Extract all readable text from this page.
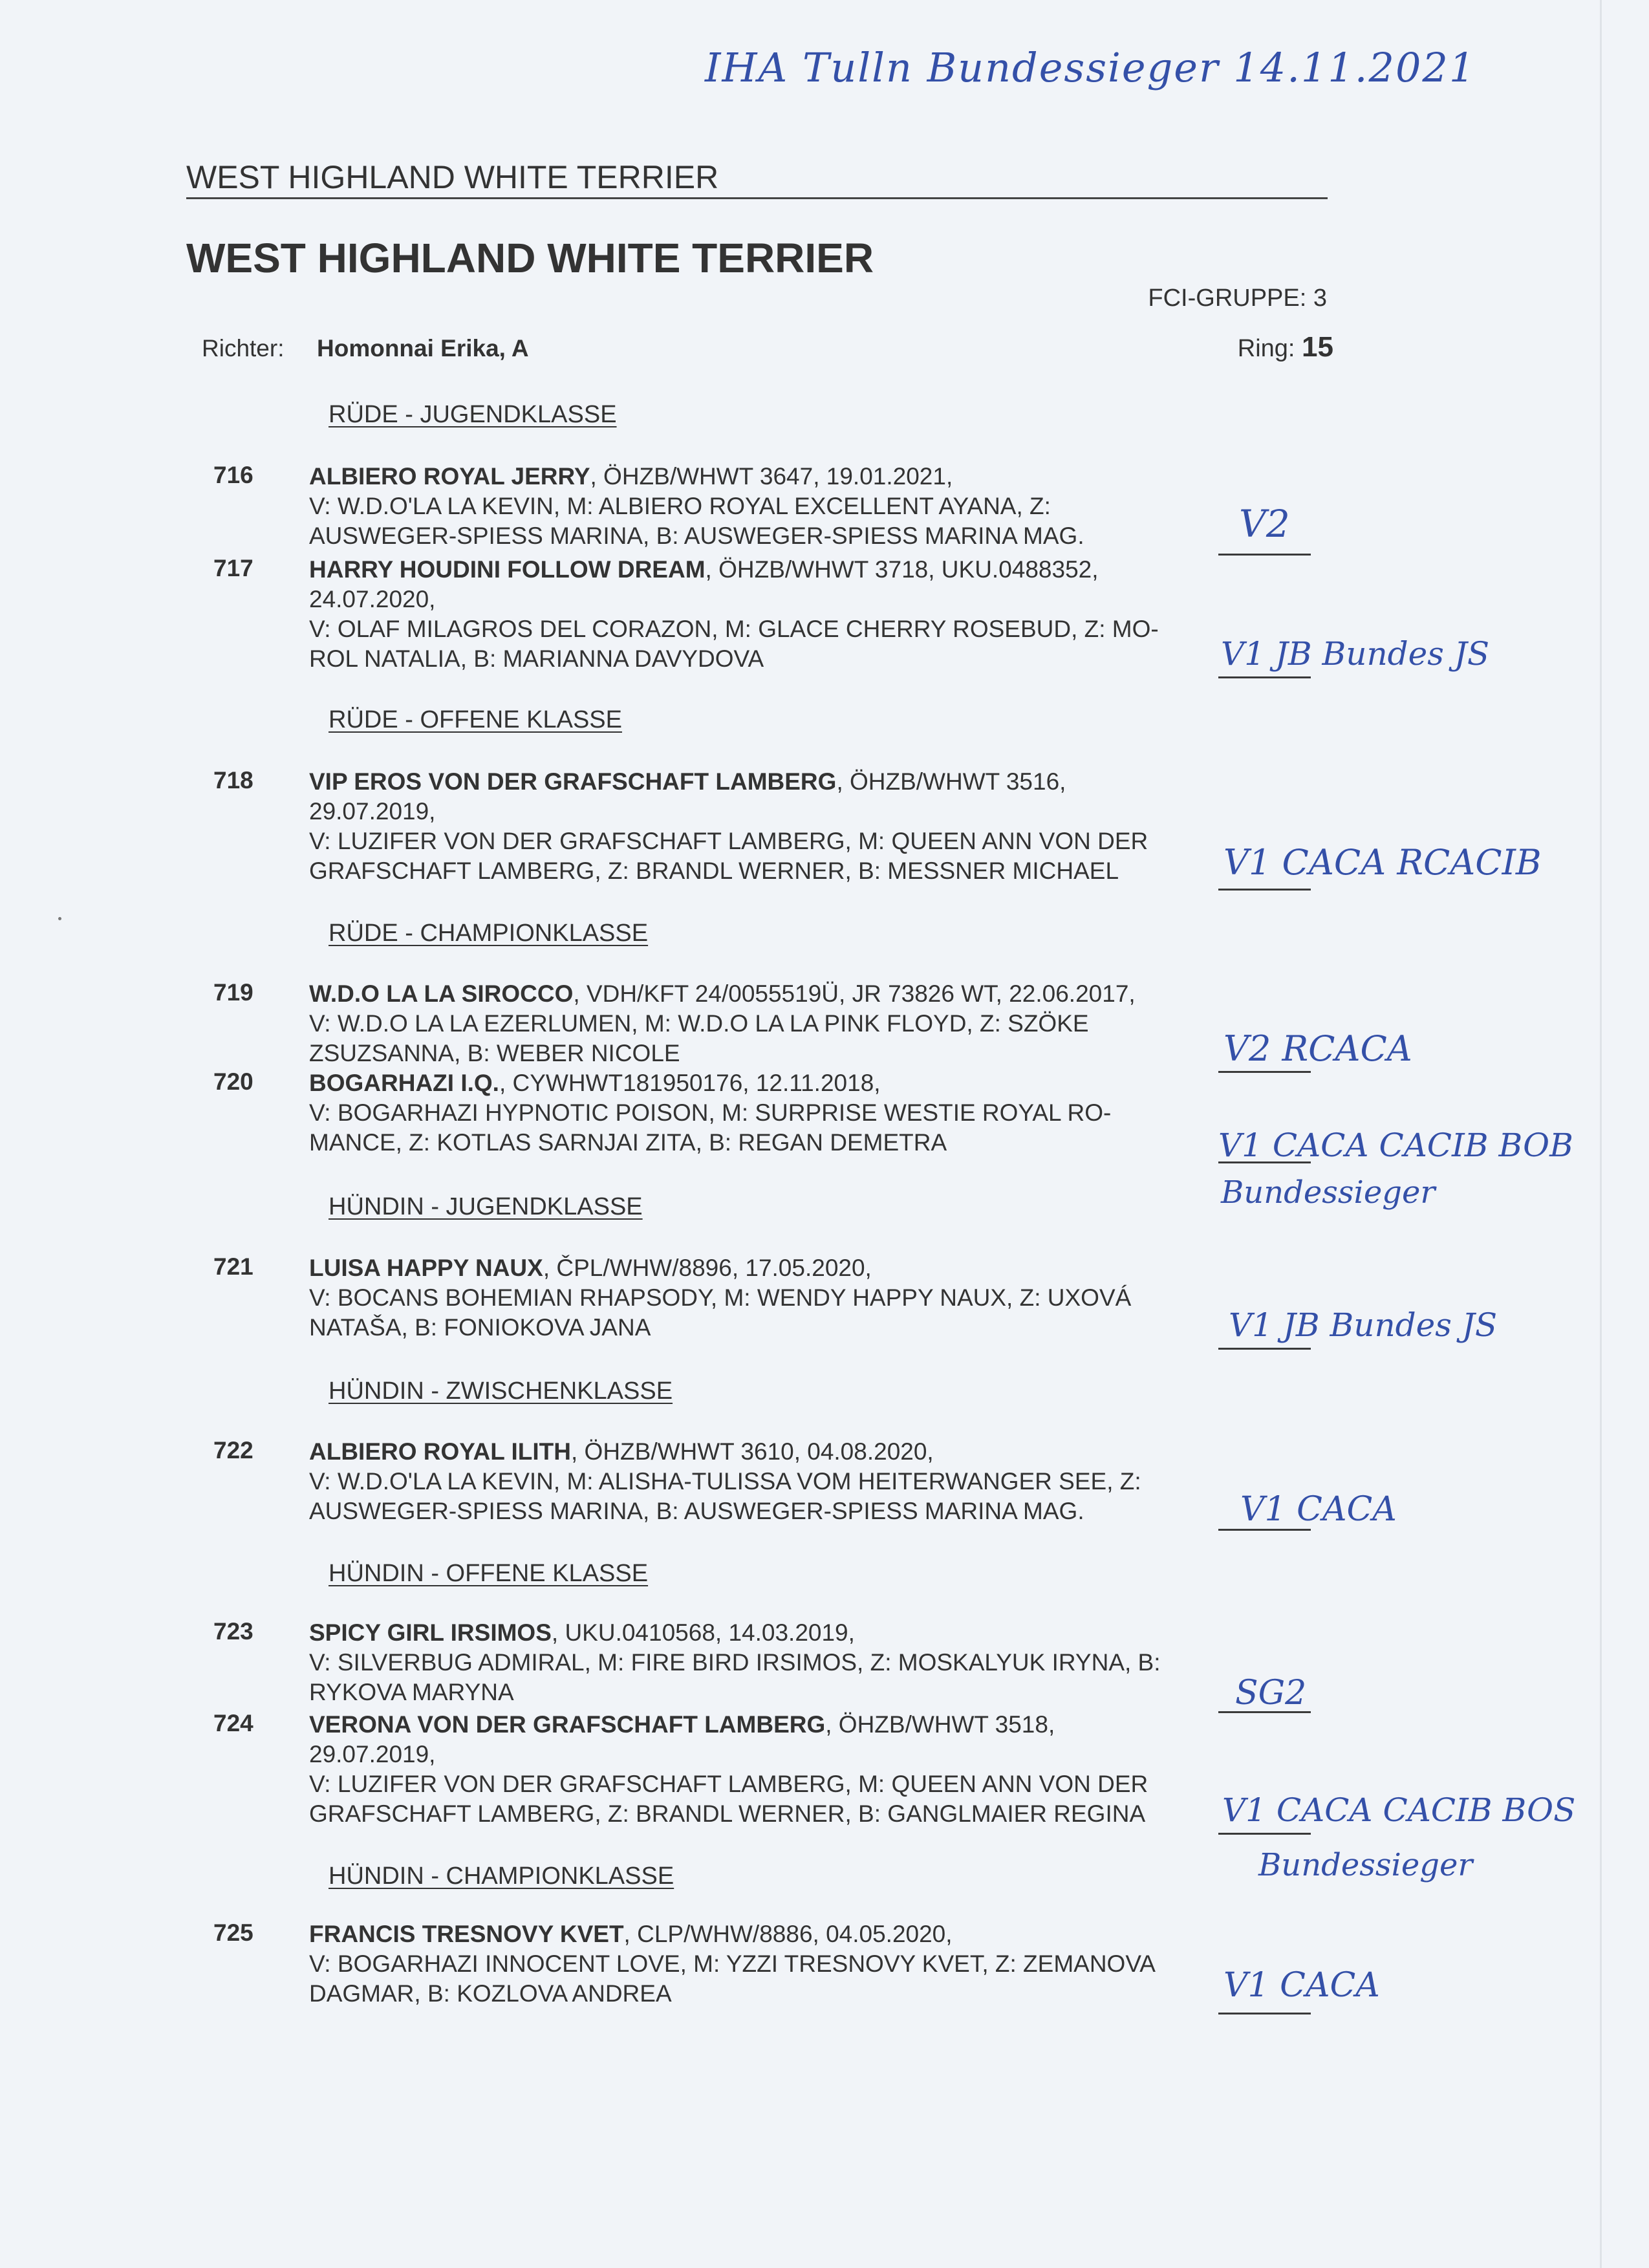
IHA Tulln Bundessieger 14.11.2021
WEST HIGHLAND WHITE TERRIER
WEST HIGHLAND WHITE TERRIER
FCI-GRUPPE: 3
Richter: Homonnai Erika, A	Ring: 15
RÜDE - JUGENDKLASSE
RÜDE - OFFENE KLASSE
RÜDE - CHAMPIONKLASSE
HÜNDIN - JUGENDKLASSE
HÜNDIN - ZWISCHENKLASSE
HÜNDIN - OFFENE KLASSE
HÜNDIN - CHAMPIONKLASSE
716 ALBIERO ROYAL JERRY, ÖHZB/WHWT 3647, 19.01.2021,
V: W.D.O'LA LA KEVIN, M: ALBIERO ROYAL EXCELLENT AYANA, Z:
AUSWEGER-SPIESS MARINA, B: AUSWEGER-SPIESS MARINA MAG.
717 HARRY HOUDINI FOLLOW DREAM, ÖHZB/WHWT 3718, UKU.0488352,
24.07.2020,
V: OLAF MILAGROS DEL CORAZON, M: GLACE CHERRY ROSEBUD, Z: MO-
ROL NATALIA, B: MARIANNA DAVYDOVA
718 VIP EROS VON DER GRAFSCHAFT LAMBERG, ÖHZB/WHWT 3516,
29.07.2019,
V: LUZIFER VON DER GRAFSCHAFT LAMBERG, M: QUEEN ANN VON DER
GRAFSCHAFT LAMBERG, Z: BRANDL WERNER, B: MESSNER MICHAEL
719 W.D.O LA LA SIROCCO, VDH/KFT 24/0055519Ü, JR 73826 WT, 22.06.2017,
V: W.D.O LA LA EZERLUMEN, M: W.D.O LA LA PINK FLOYD, Z: SZÖKE
ZSUZSANNA, B: WEBER NICOLE
720 BOGARHAZI I.Q., CYWHWT181950176, 12.11.2018,
V: BOGARHAZI HYPNOTIC POISON, M: SURPRISE WESTIE ROYAL RO-
MANCE, Z: KOTLAS SARNJAI ZITA, B: REGAN DEMETRA
721 LUISA HAPPY NAUX, ČPL/WHW/8896, 17.05.2020,
V: BOCANS BOHEMIAN RHAPSODY, M: WENDY HAPPY NAUX, Z: UXOVÁ
NATAŠA, B: FONIOKOVA JANA
722 ALBIERO ROYAL ILITH, ÖHZB/WHWT 3610, 04.08.2020,
V: W.D.O'LA LA KEVIN, M: ALISHA-TULISSA VOM HEITERWANGER SEE, Z:
AUSWEGER-SPIESS MARINA, B: AUSWEGER-SPIESS MARINA MAG.
723 SPICY GIRL IRSIMOS, UKU.0410568, 14.03.2019,
V: SILVERBUG ADMIRAL, M: FIRE BIRD IRSIMOS, Z: MOSKALYUK IRYNA, B:
RYKOVA MARYNA
724 VERONA VON DER GRAFSCHAFT LAMBERG, ÖHZB/WHWT 3518,
29.07.2019,
V: LUZIFER VON DER GRAFSCHAFT LAMBERG, M: QUEEN ANN VON DER
GRAFSCHAFT LAMBERG, Z: BRANDL WERNER, B: GANGLMAIER REGINA
725 FRANCIS TRESNOVY KVET, CLP/WHW/8886, 04.05.2020,
V: BOGARHAZI INNOCENT LOVE, M: YZZI TRESNOVY KVET, Z: ZEMANOVA
DAGMAR, B: KOZLOVA ANDREA
V2
V1 JB Bundes JS
V1 CACA RCACIB
V2 RCACA
V1 CACA CACIB BOB
Bundessieger
V1 JB Bundes JS
V1 CACA
SG2
V1 CACA CACIB BOS
Bundessieger
V1 CACA
